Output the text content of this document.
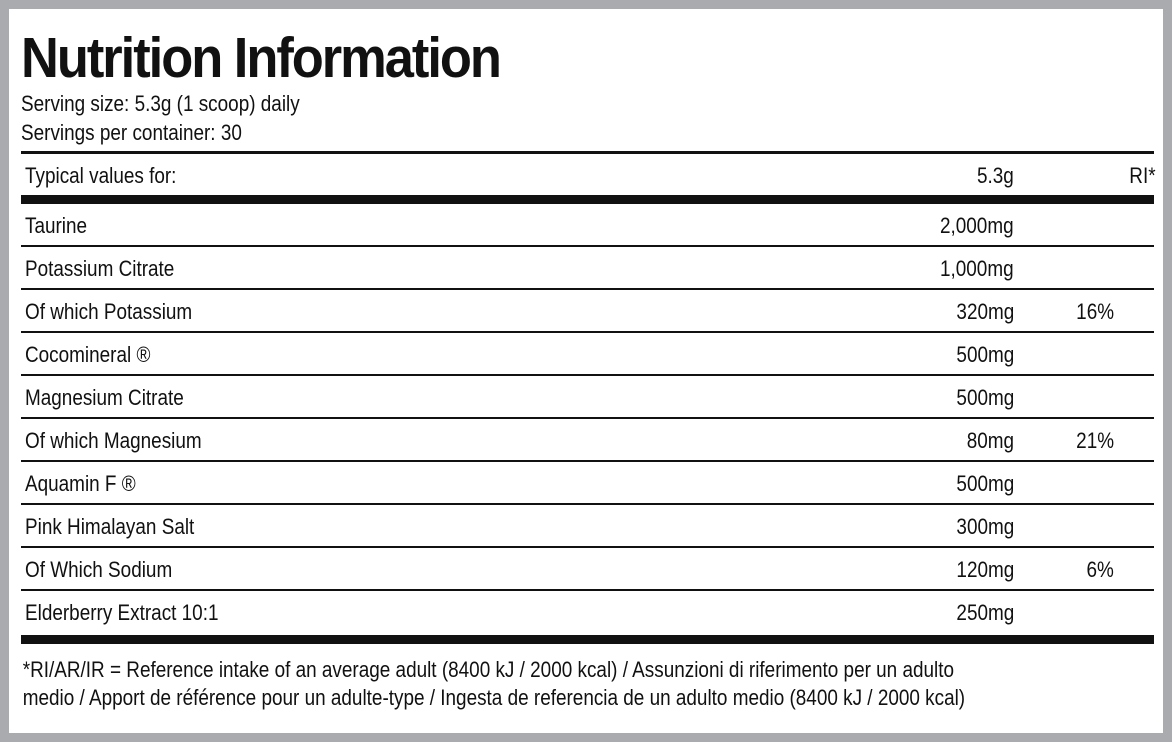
Nutrition Information
Serving size: 5.3g (1 scoop) daily
Servings per container: 30
Typical values for:	5.3g	RI*
Taurine	2,000mg
Potassium Citrate	1,000mg
Of which Potassium	320mg	16%
Cocomineral ®	500mg
Magnesium Citrate	500mg
Of which Magnesium	80mg	21%
Aquamin F ®	500mg
Pink Himalayan Salt	300mg
Of Which Sodium	120mg	6%
Elderberry Extract 10:1	250mg
*RI/AR/IR = Reference intake of an average adult (8400 kJ / 2000 kcal) / Assunzioni di riferimento per un adulto
medio / Apport de référence pour un adulte-type / Ingesta de referencia de un adulto medio (8400 kJ / 2000 kcal)
